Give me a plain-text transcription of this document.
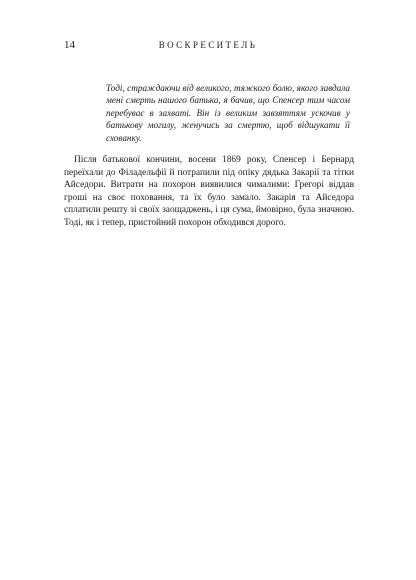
14	ВОСКРЕСИТЕЛЬ

Тоді, страждаючи від великого, тяжкого болю, якого завдала мені смерть нашого батька, я бачив, що Спенсер тим часом перебуває в захваті. Він із великим завзяттям ускочив у батькову могилу, женучись за смертю, щоб відшукати її схованку.

Після батькової кончини, восени 1869 року, Спенсер і Бернард переїхали до Філадельфії й потрапили під опіку дядька Закарії та тітки Айседори. Витрати на похорон виявилися чималими: Грегорі віддав гроші на своє поховання, та їх було замало. Закарія та Айседора сплатили решту зі своїх заощаджень, і ця сума, ймовірно, була значною. Тоді, як і тепер, пристойний похорон обходився дорого.
